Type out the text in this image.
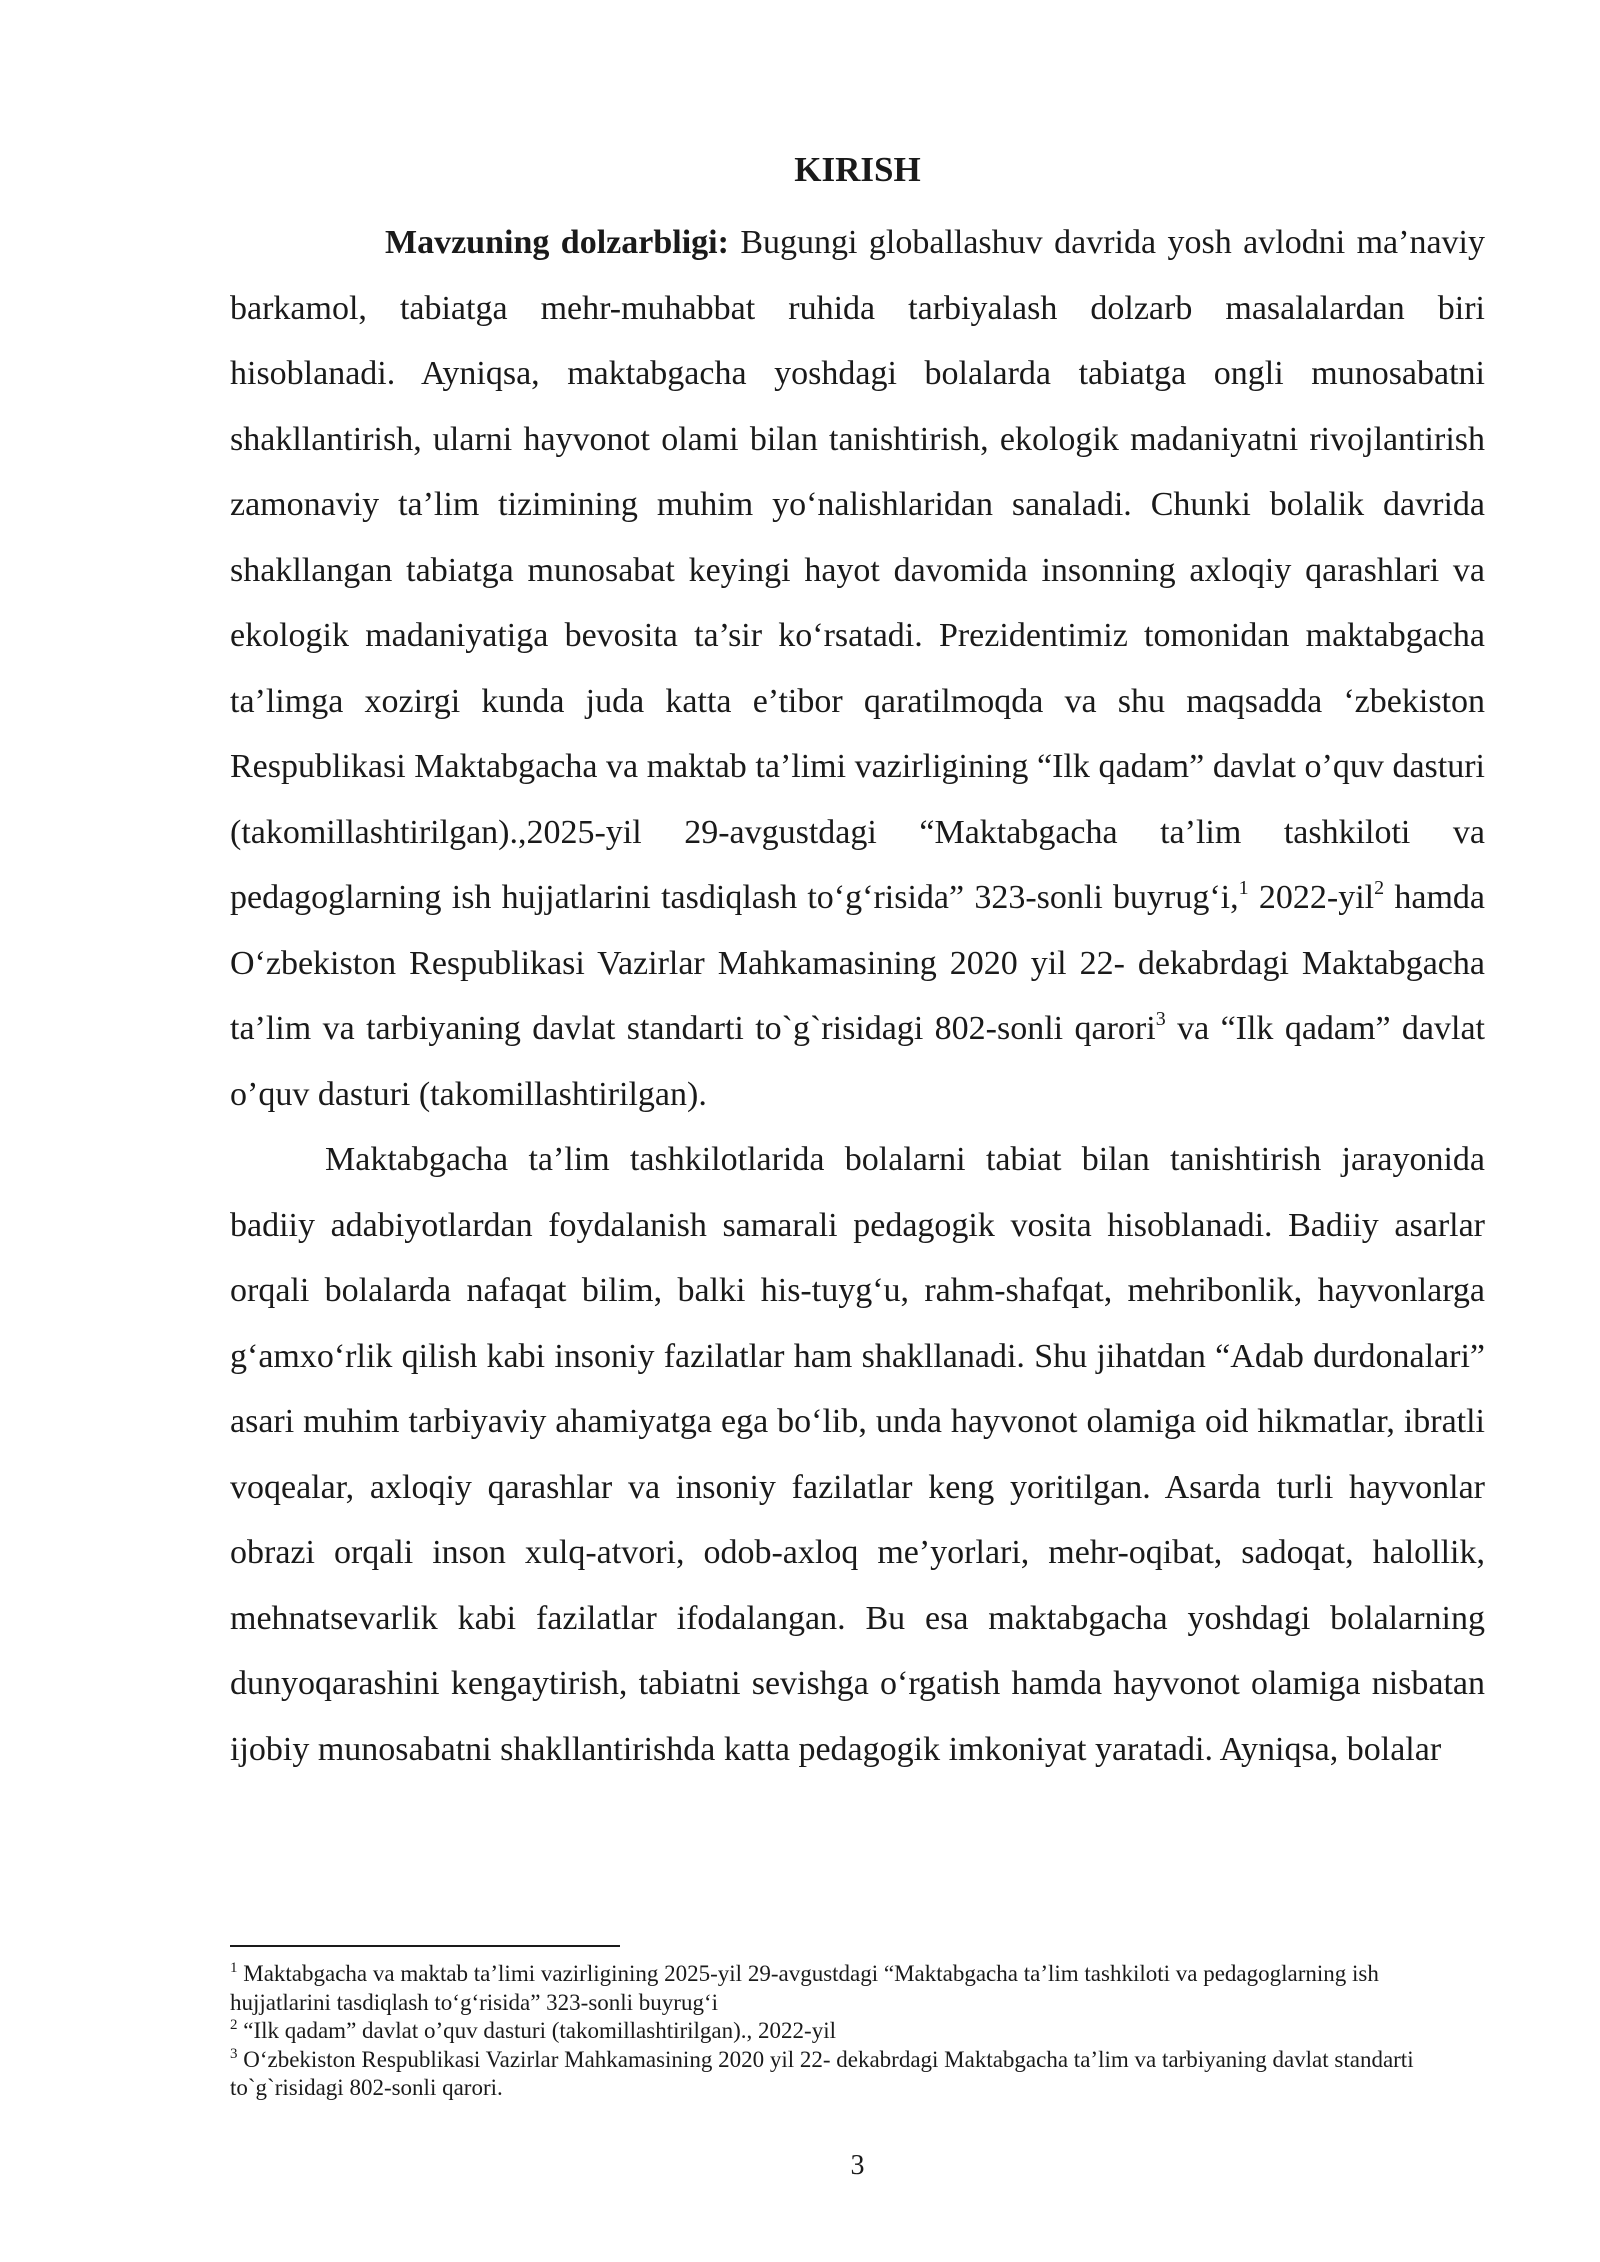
KIRISH

Mavzuning dolzarbligi: Bugungi globallashuv davrida yosh avlodni ma’naviy barkamol, tabiatga mehr-muhabbat ruhida tarbiyalash dolzarb masalalardan biri hisoblanadi. Ayniqsa, maktabgacha yoshdagi bolalarda tabiatga ongli munosabatni shakllantirish, ularni hayvonot olami bilan tanishtirish, ekologik madaniyatni rivojlantirish zamonaviy ta’lim tizimining muhim yo‘nalishlaridan sanaladi. Chunki bolalik davrida shakllangan tabiatga munosabat keyingi hayot davomida insonning axloqiy qarashlari va ekologik madaniyatiga bevosita ta’sir ko‘rsatadi. Prezidentimiz tomonidan maktabgacha ta’limga xozirgi kunda juda katta e’tibor qaratilmoqda va shu maqsadda ‘zbekiston Respublikasi Maktabgacha va maktab ta’limi vazirligining “Ilk qadam” davlat o’quv dasturi (takomillashtirilgan).,2025-yil 29-avgustdagi “Maktabgacha ta’lim tashkiloti va pedagoglarning ish hujjatlarini tasdiqlash to‘g‘risida” 323-sonli buyrug‘i,$^1$ 2022-yil$^2$ hamda O‘zbekiston Respublikasi Vazirlar Mahkamasining 2020 yil 22- dekabrdagi Maktabgacha ta’lim va tarbiyaning davlat standarti to`g`risidagi 802-sonli qarori$^3$ va “Ilk qadam” davlat o’quv dasturi (takomillashtirilgan).

Maktabgacha ta’lim tashkilotlarida bolalarni tabiat bilan tanishtirish jarayonida badiiy adabiyotlardan foydalanish samarali pedagogik vosita hisoblanadi. Badiiy asarlar orqali bolalarda nafaqat bilim, balki his-tuyg‘u, rahm-shafqat, mehribonlik, hayvonlarga g‘amxo‘rlik qilish kabi insoniy fazilatlar ham shakllanadi. Shu jihatdan “Adab durdonalari” asari muhim tarbiyaviy ahamiyatga ega bo‘lib, unda hayvonot olamiga oid hikmatlar, ibratli voqealar, axloqiy qarashlar va insoniy fazilatlar keng yoritilgan. Asarda turli hayvonlar obrazi orqali inson xulq-atvori, odob-axloq me’yorlari, mehr-oqibat, sadoqat, halollik, mehnatsevarlik kabi fazilatlar ifodalangan. Bu esa maktabgacha yoshdagi bolalarning dunyoqarashini kengaytirish, tabiatni sevishga o‘rgatish hamda hayvonot olamiga nisbatan ijobiy munosabatni shakllantirishda katta pedagogik imkoniyat yaratadi. Ayniqsa, bolalar

$^1$ Maktabgacha va maktab ta’limi vazirligining 2025-yil 29-avgustdagi “Maktabgacha ta’lim tashkiloti va pedagoglarning ish hujjatlarini tasdiqlash to‘g‘risida” 323-sonli buyrug‘i

$^2$ “Ilk qadam” davlat o’quv dasturi (takomillashtirilgan)., 2022-yil

$^3$ O‘zbekiston Respublikasi Vazirlar Mahkamasining 2020 yil 22- dekabrdagi Maktabgacha ta’lim va tarbiyaning davlat standarti to`g`risidagi 802-sonli qarori.

3
